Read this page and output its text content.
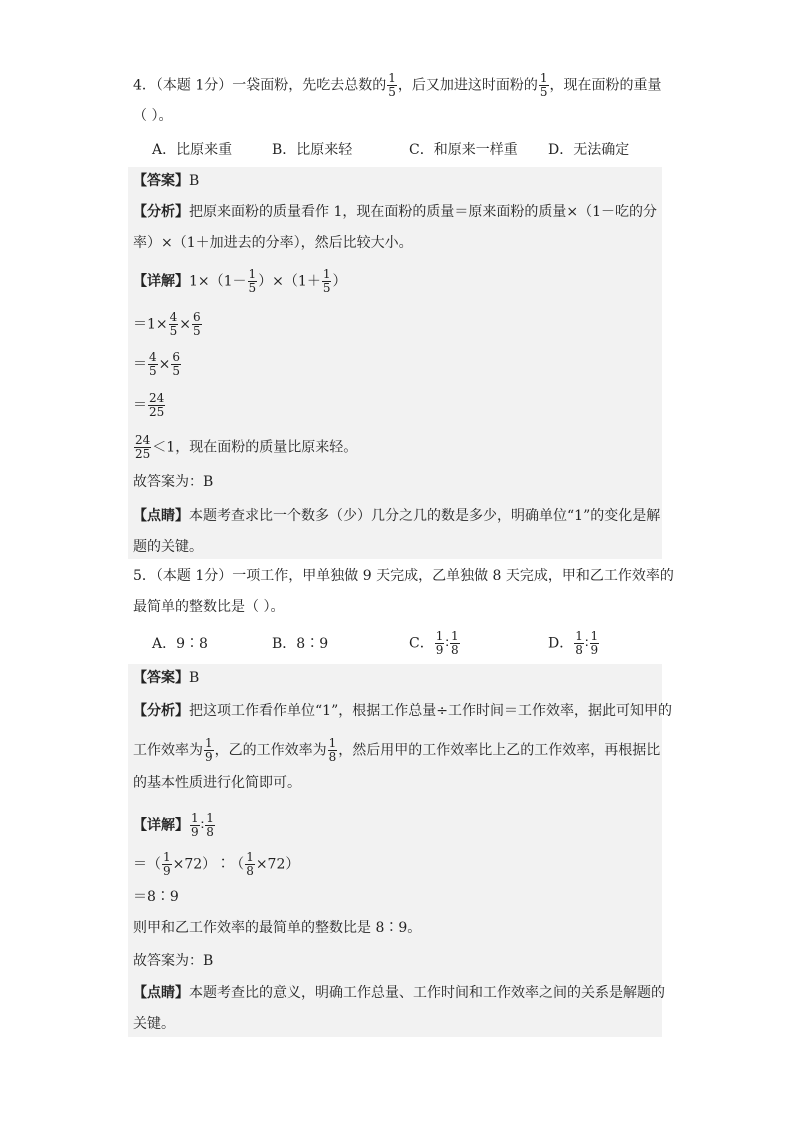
4．（本题 1分）一袋面粉，先吃去总数的 $\frac{1}{5}$ ，后又加进这时面粉的 $\frac{1}{5}$ ，现在面粉的重量
（ ）。
A．比原来重	B．比原来轻	C．和原来一样重 D．无法确定
【答案】B
【分析】把原来面粉的质量看作 1，现在面粉的质量＝原来面粉的质量×（1－吃的分
率）×（1＋加进去的分率），然后比较大小。
【详解】$1\times(1- \frac{1}{5} )\times(1+ \frac{1}{5}$ ）
$=1\times \frac{4}{5} \times \frac{6}{5}$
＝ $\frac{4}{5} \times \frac{6}{5}$
＝ $\frac{24}{25}$
$\frac{24}{25} <1$，现在面粉的质量比原来轻。
故答案为：B
【点睛】本题考查求比一个数多（少）几分之几的数是多少，明确单位“1”的变化是解
题的关键。
5．（本题 1分）一项工作，甲单独做 9 天完成，乙单独做 8 天完成，甲和乙工作效率的
最简单的整数比是（ ）。
A．9∶8	B．8∶9	C． $\frac{1}{9}$ ∶ $\frac{1}{8}$	D． $\frac{1}{8}$ ∶ $\frac{1}{9}$
【答案】B
【分析】把这项工作看作单位“1”，根据工作总量÷工作时间＝工作效率，据此可知甲的
工作效率为 $\frac{1}{9}$ ，乙的工作效率为 $\frac{1}{8}$ ，然后用甲的工作效率比上乙的工作效率，再根据比
的基本性质进行化简即可。
【详解】 $\frac{1}{9}$ ∶ $\frac{1}{8}$
＝（ $\frac{1}{9}$ ×72）∶（ $\frac{1}{8} \times 72$）
＝8∶9
则甲和乙工作效率的最简单的整数比是 8∶9。
故答案为：B
【点睛】本题考查比的意义，明确工作总量、工作时间和工作效率之间的关系是解题的
关键。
